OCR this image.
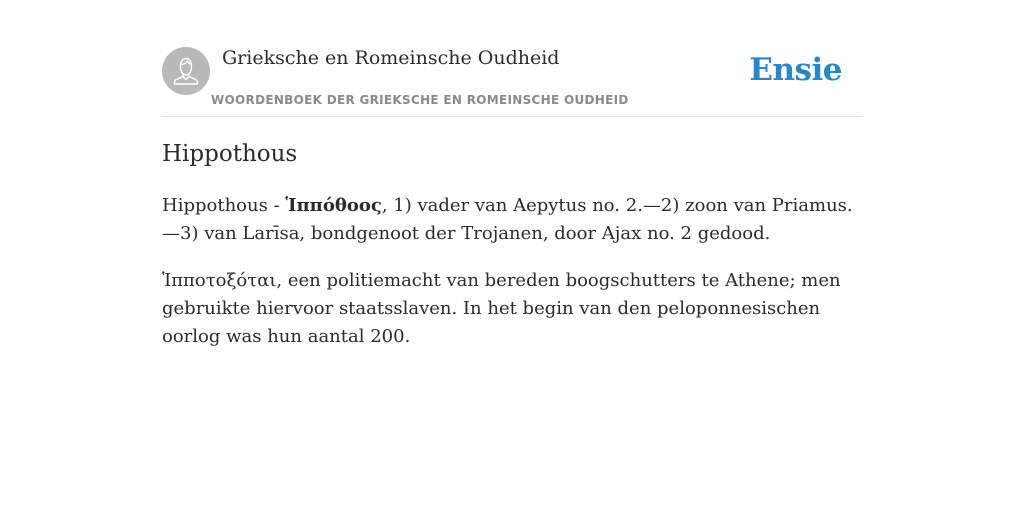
Grieksche en Romeinsche Oudheid
WOORDENBOEK DER GRIEKSCHE EN ROMEINSCHE OUDHEID
Ensie
Hippothous

Hippothous - Ἱππόθοος, 1) vader van Aepytus no. 2.—2) zoon van Priamus.—3) van Larīsa, bondgenoot der Trojanen, door Ajax no. 2 gedood.

Ἱπποτοξόται, een politiemacht van bereden boogschutters te Athene; men gebruikte hiervoor staatsslaven. In het begin van den peloponnesischen oorlog was hun aantal 200.
